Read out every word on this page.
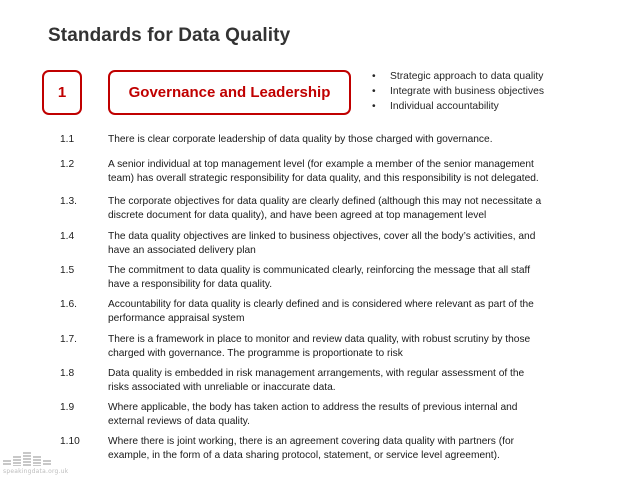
Standards for Data Quality
1	Governance and Leadership
• Strategic approach to data quality
• Integrate with business objectives
• Individual accountability
1.1	There is clear corporate leadership of data quality by those charged with governance.
1.2	A senior individual at top management level (for example a member of the senior management
team) has overall strategic responsibility for data quality, and this responsibility is not delegated.
1.3.	The corporate objectives for data quality are clearly defined (although this may not necessitate a
discrete document for data quality), and have been agreed at top management level
1.4	The data quality objectives are linked to business objectives, cover all the body’s activities, and
have an associated delivery plan
1.5	The commitment to data quality is communicated clearly, reinforcing the message that all staff
have a responsibility for data quality.
1.6.	Accountability for data quality is clearly defined and is considered where relevant as part of the
performance appraisal system
1.7.	There is a framework in place to monitor and review data quality, with robust scrutiny by those
charged with governance. The programme is proportionate to risk
1.8	Data quality is embedded in risk management arrangements, with regular assessment of the
risks associated with unreliable or inaccurate data.
1.9	Where applicable, the body has taken action to address the results of previous internal and
external reviews of data quality.
1.10	Where there is joint working, there is an agreement covering data quality with partners (for
example, in the form of a data sharing protocol, statement, or service level agreement).
speakingdata.org.uk
